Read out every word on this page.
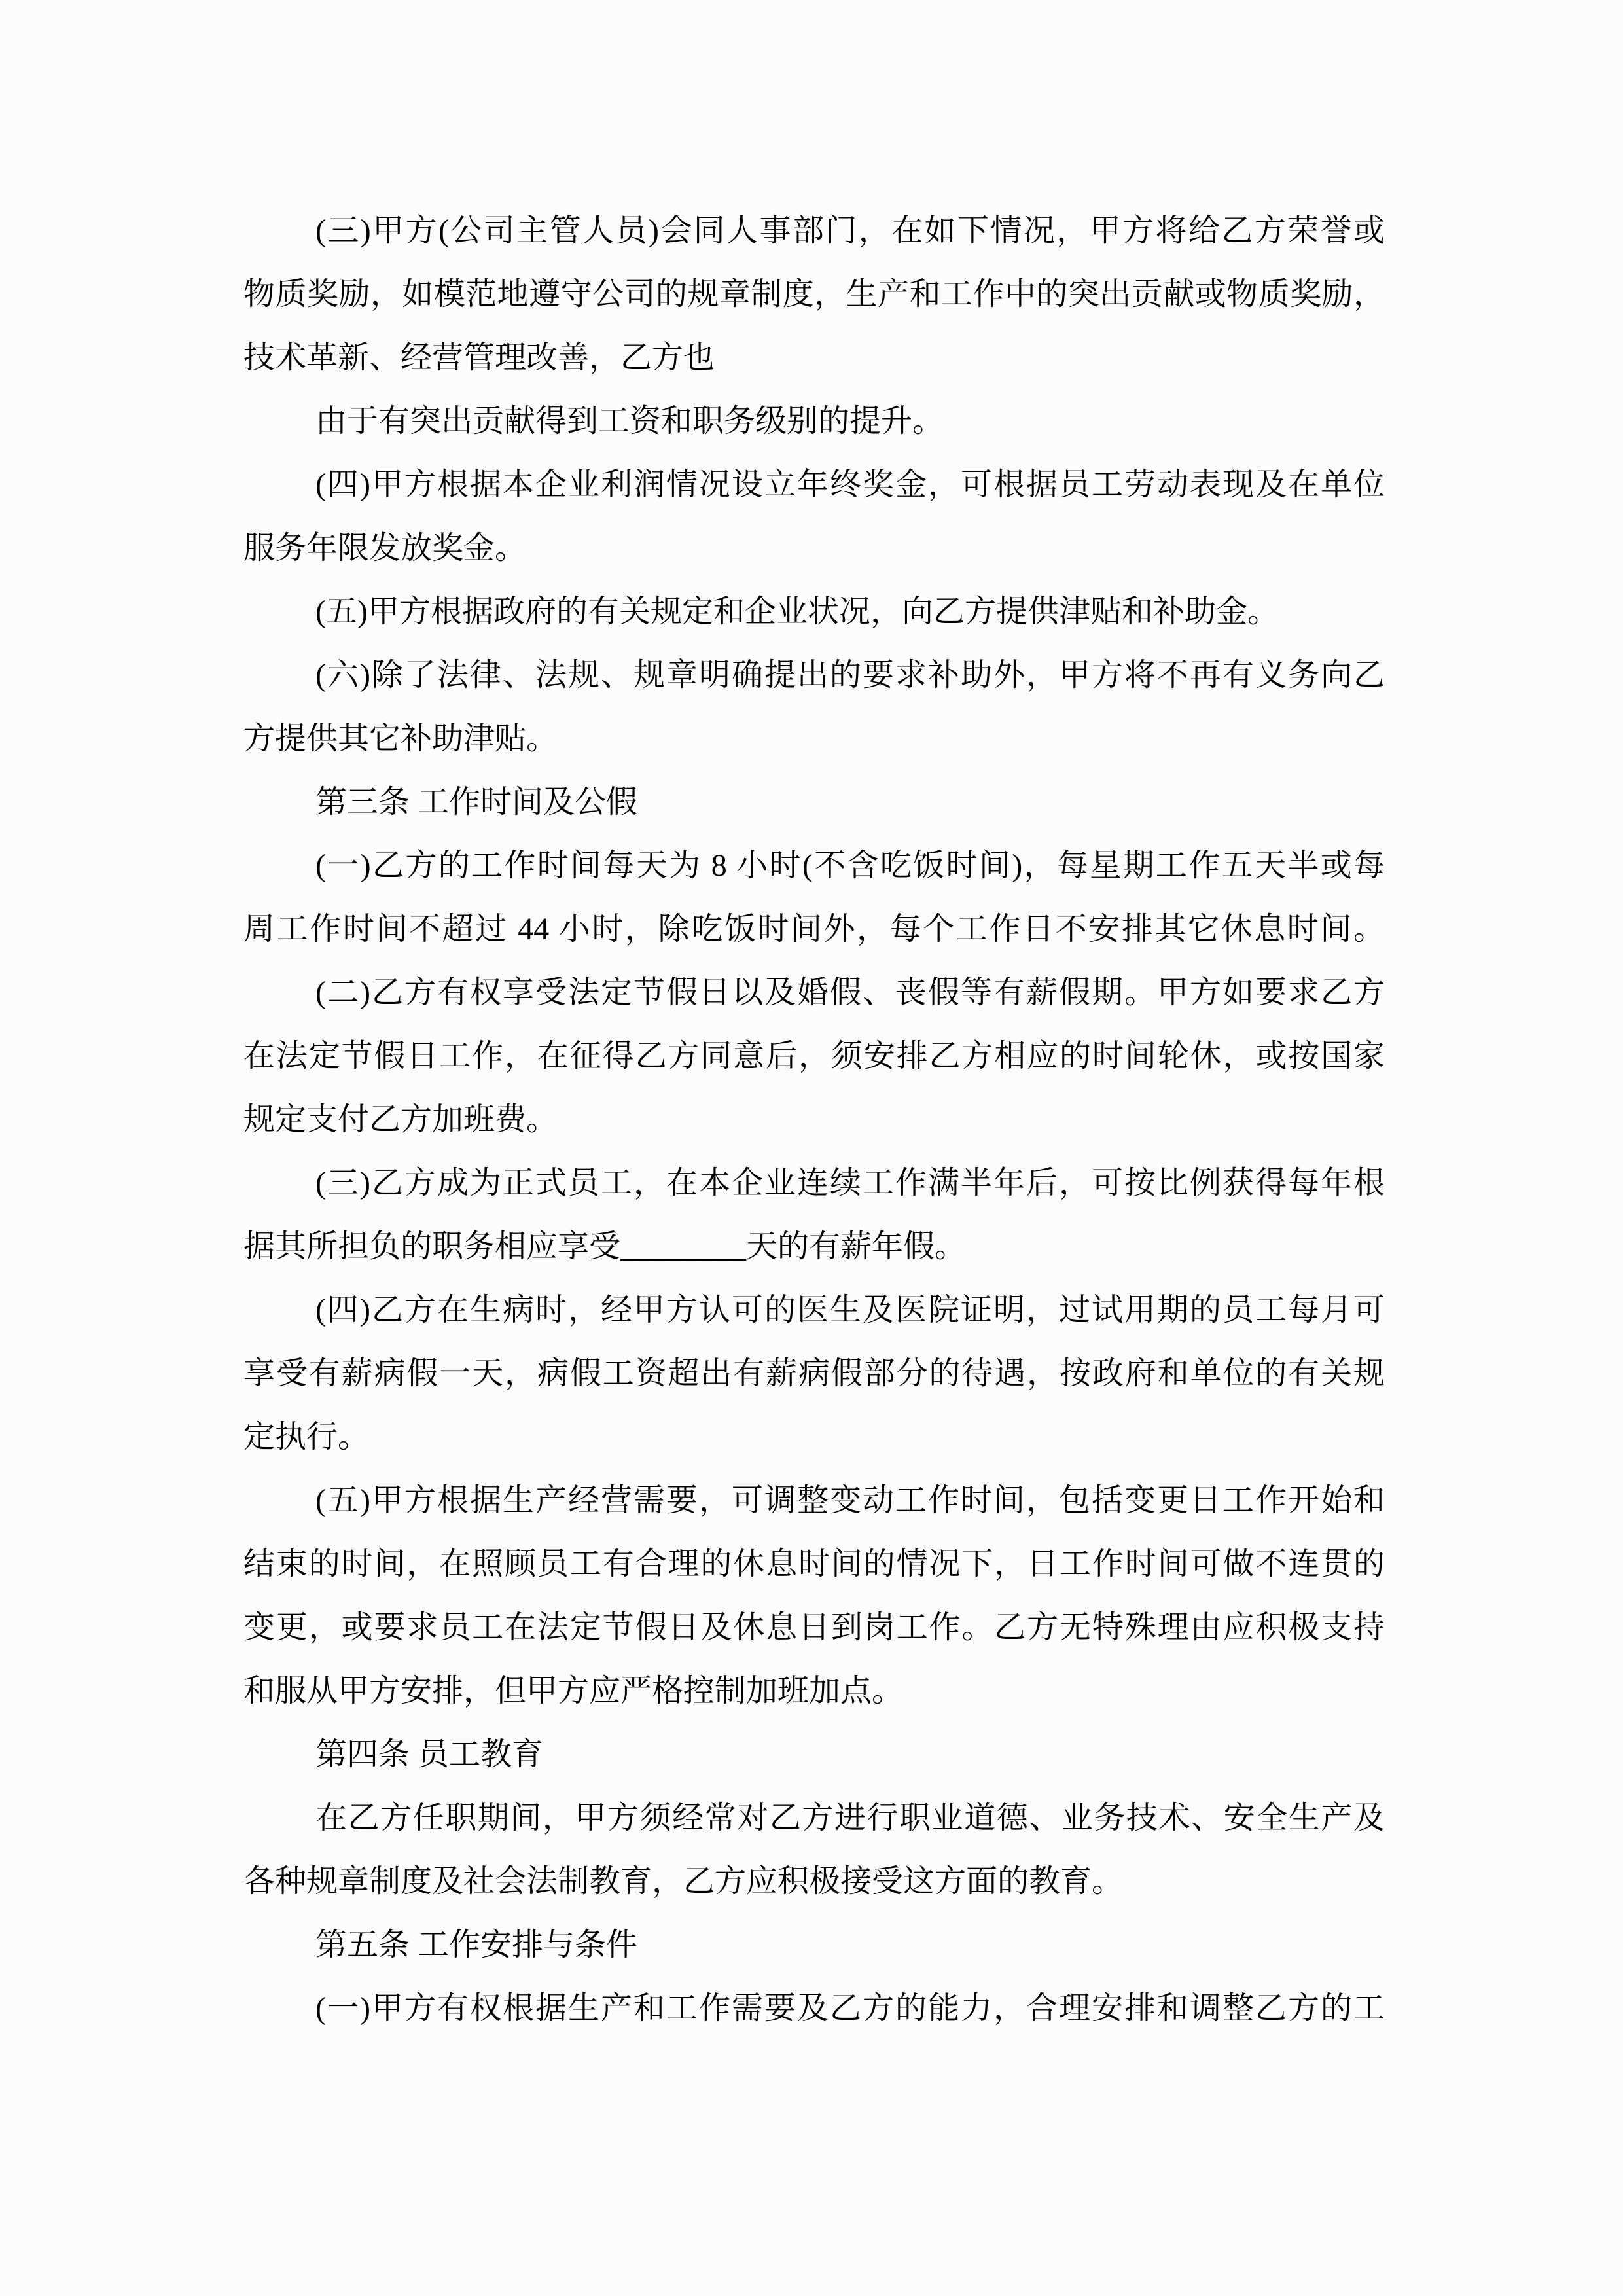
(三)甲方(公司主管人员)会同人事部门，在如下情况，甲方将给乙方荣誉或
物质奖励，如模范地遵守公司的规章制度，生产和工作中的突出贡献或物质奖励，
技术革新、经营管理改善，乙方也
由于有突出贡献得到工资和职务级别的提升。
(四)甲方根据本企业利润情况设立年终奖金，可根据员工劳动表现及在单位
服务年限发放奖金。
(五)甲方根据政府的有关规定和企业状况，向乙方提供津贴和补助金。
(六)除了法律、法规、规章明确提出的要求补助外，甲方将不再有义务向乙
方提供其它补助津贴。
第三条 工作时间及公假
(一)乙方的工作时间每天为 8 小时(不含吃饭时间)，每星期工作五天半或每
周工作时间不超过 44 小时，除吃饭时间外，每个工作日不安排其它休息时间。
(二)乙方有权享受法定节假日以及婚假、丧假等有薪假期。甲方如要求乙方
在法定节假日工作，在征得乙方同意后，须安排乙方相应的时间轮休，或按国家
规定支付乙方加班费。
(三)乙方成为正式员工，在本企业连续工作满半年后，可按比例获得每年根
据其所担负的职务相应享受________天的有薪年假。
(四)乙方在生病时，经甲方认可的医生及医院证明，过试用期的员工每月可
享受有薪病假一天，病假工资超出有薪病假部分的待遇，按政府和单位的有关规
定执行。
(五)甲方根据生产经营需要，可调整变动工作时间，包括变更日工作开始和
结束的时间，在照顾员工有合理的休息时间的情况下，日工作时间可做不连贯的
变更，或要求员工在法定节假日及休息日到岗工作。乙方无特殊理由应积极支持
和服从甲方安排，但甲方应严格控制加班加点。
第四条 员工教育
在乙方任职期间，甲方须经常对乙方进行职业道德、业务技术、安全生产及
各种规章制度及社会法制教育，乙方应积极接受这方面的教育。
第五条 工作安排与条件
(一)甲方有权根据生产和工作需要及乙方的能力，合理安排和调整乙方的工
